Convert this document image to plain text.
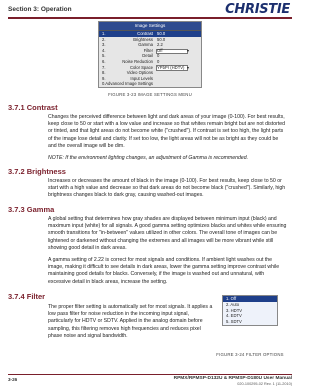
Section 3: Operation	CHRISTIE
Image Settings
1.	Contrast 50.0
2.	Brightness 50.0
3.	Gamma 2.2
4.	Filter	▾
Off
5.	Detail 0
6.	Noise Reduction 0
7.	Color Space	▾
YPbPr (HDTV)
8.	Video Options
9.	Input Levels
0. Advanced Image Settings
FIGURE 3-23 IMAGE SETTINGS MENU
3.7.1 Contrast
Changes the perceived difference between light and dark areas of your image (0-100). For best results, keep close to 50 or start with a low value and increase so that whites remain bright but are not distorted or tinted, and that light areas do not become white ("crushed"). If contrast is set too high, the light parts of the image lose detail and clarity. If set too low, the light areas will not be as bright as they could be and the overall image will be dim.
NOTE: If the environment lighting changes, an adjustment of Gamma is recommended.
3.7.2 Brightness
Increases or decreases the amount of black in the image (0-100). For best results, keep close to 50 or start with a high value and decrease so that dark areas do not become black ("crushed"). Similarly, high brightness changes black to dark gray, causing washed-out images.
3.7.3 Gamma
A global setting that determines how gray shades are displayed between minimum input (black) and maximum input (white) for all signals. A good gamma setting optimizes blacks and whites while ensuring smooth transitions for "in-between" values utilized in other colors. The overall tone of images can be lightened or darkened without changing the extremes and all images will be more vibrant while still showing good detail in dark areas.
A gamma setting of 2.22 is correct for most signals and conditions. If ambient light washes out the image, making it difficult to see details in dark areas, lower the gamma setting improve contrast while maintaining good details for blacks. Conversely, if the image is washed out and unnatural, with excessive detail in black areas, increase the setting.
3.7.4 Filter
The proper filter setting is automatically set for most signals. It applies a low pass filter for noise reduction in the incoming input signal, particularly for HDTV or SDTV. Applied in the analog domain before sampling, this filtering removes high frequencies and reduces pixel phase noise and signal bandwidth.
1. Off
2. Auto
3. HDTV
4. EDTV
5. SDTV
FIGURE 3-24 FILTER OPTIONS
3-26	RPMX/RPMSP-D132U & RPMSP-D180U User Manual
020-100295-02 Rev. 1 (11-2010)
